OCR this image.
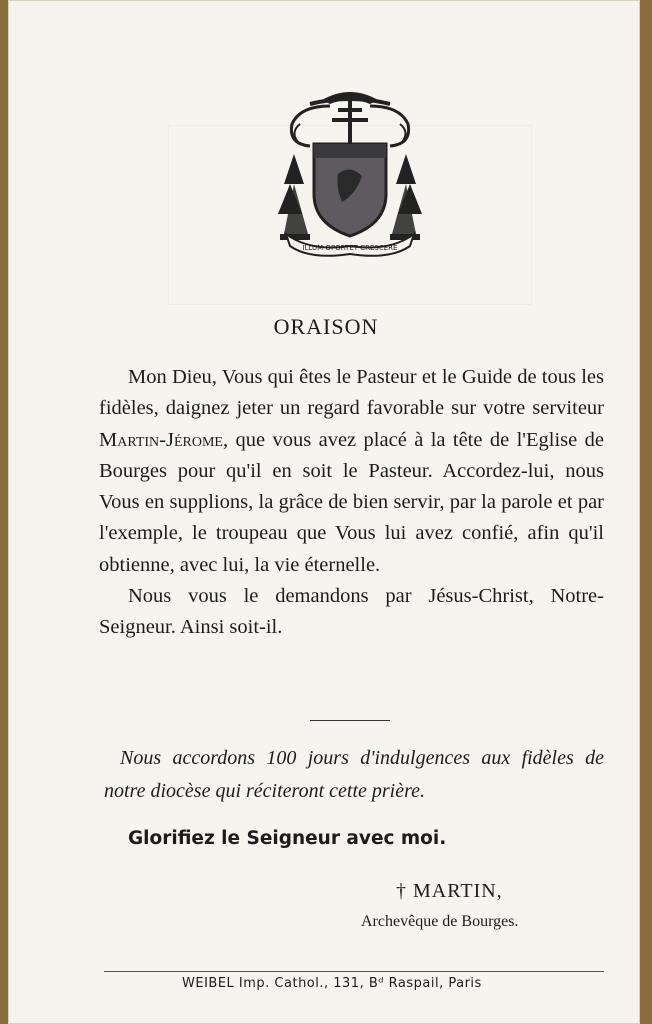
ILLUM OPORTET CRESCERE
ORAISON

Mon Dieu, Vous qui êtes le Pasteur et le Guide de tous les fidèles, daignez jeter un regard favorable sur votre serviteur Martin-Jérome, que vous avez placé à la tête de l'Eglise de Bourges pour qu'il en soit le Pasteur. Accordez-lui, nous Vous en supplions, la grâce de bien servir, par la parole et par l'exemple, le troupeau que Vous lui avez confié, afin qu'il obtienne, avec lui, la vie éternelle.

Nous vous le demandons par Jésus-Christ, Notre-Seigneur. Ainsi soit-il.

Nous accordons 100 jours d'indulgences aux fidèles de notre diocèse qui réciteront cette prière.

Glorifiez le Seigneur avec moi.
† MARTIN,
Archevêque de Bourges.
WEIBEL Imp. Cathol., 131, Bᵈ Raspail, Paris
